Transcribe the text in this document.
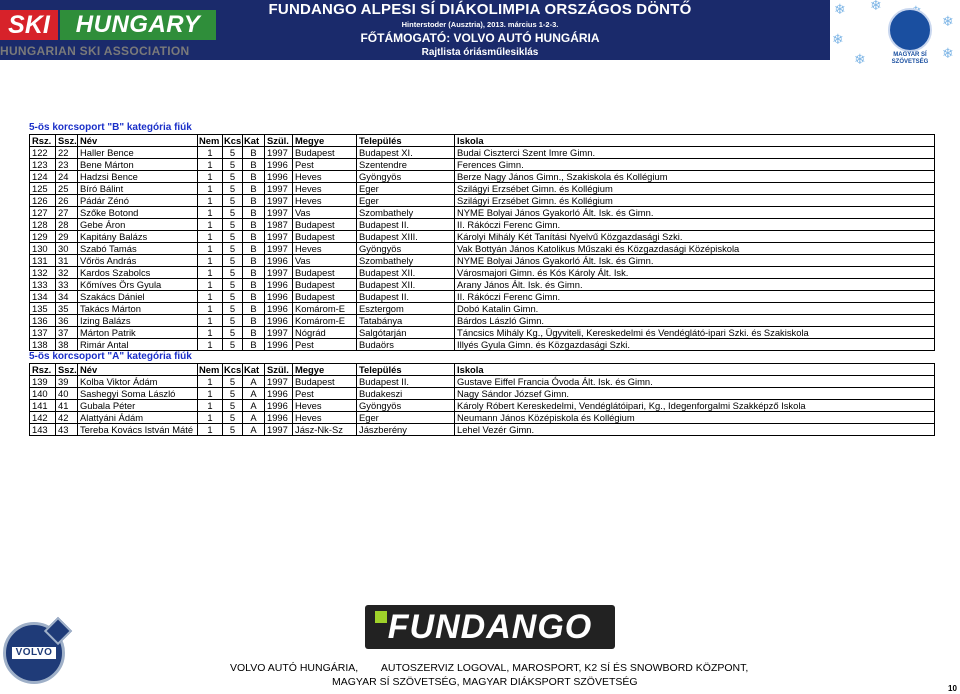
SKI	HUNGARY
HUNGARIAN SKI ASSOCIATION
FUNDANGO ALPESI SÍ DIÁKOLIMPIA ORSZÁGOS DÖNTŐ
Hinterstoder (Ausztria), 2013. március 1-2-3.
FŐTÁMOGATÓ: VOLVO AUTÓ HUNGÁRIA
Rajtlista óriásműlesiklás
❄ ❄
❄
❄
❄	❄
MAGYAR SÍ
SZÖVETSÉG
5-ös korcsoport "B" kategória fiúk
Rsz. Ssz. Név	Nem Kcs Kat Szül. Megye	Település	Iskola
122	22	Haller Bence	1	5	B	1997 Budapest	Budapest XI.	Budai Ciszterci Szent Imre Gimn.
123	23	Bene Márton	1	5	B	1996 Pest	Szentendre	Ferences Gimn.
124	24	Hadzsi Bence	1	5	B	1996 Heves	Gyöngyös	Berze Nagy János Gimn., Szakiskola és Kollégium
125	25	Bíró Bálint	1	5	B	1997 Heves	Eger	Szilágyi Erzsébet Gimn. és Kollégium
126	26	Pádár Zénó	1	5	B	1997 Heves	Eger	Szilágyi Erzsébet Gimn. és Kollégium
127	27	Szőke Botond	1	5	B	1997 Vas	Szombathely	NYME Bolyai János Gyakorló Ált. Isk. és Gimn.
128	28	Gebe Áron	1	5	B	1987 Budapest	Budapest II.	II. Rákóczi Ferenc Gimn.
129	29	Kapitány Balázs	1	5	B	1997 Budapest	Budapest XIII.	Károlyi Mihály Két Tanítási Nyelvű Közgazdasági Szki.
130	30	Szabó Tamás	1	5	B	1997 Heves	Gyöngyös	Vak Bottyán János Katolikus Műszaki és Közgazdasági Középiskola
131	31	Vőrös András	1	5	B	1996 Vas	Szombathely	NYME Bolyai János Gyakorló Ált. Isk. és Gimn.
132	32	Kardos Szabolcs	1	5	B	1997 Budapest	Budapest XII.	Városmajori Gimn. és Kós Károly Ált. Isk.
133	33	Kőmíves Örs Gyula	1	5	B	1996 Budapest	Budapest XII.	Arany János Ált. Isk. és Gimn.
134	34	Szakács Dániel	1	5	B	1996 Budapest	Budapest II.	II. Rákóczi Ferenc Gimn.
135	35	Takács Márton	1	5	B	1996 Komárom-E	Esztergom	Dobó Katalin Gimn.
136	36	Izing Balázs	1	5	B	1996 Komárom-E	Tatabánya	Bárdos László Gimn.
137	37	Márton Patrik	1	5	B	1997 Nógrád	Salgótarján	Táncsics Mihály Kg., Ügyviteli, Kereskedelmi és Vendéglátó-ipari Szki. és Szakiskola
138	38	Rimár Antal	1	5	B	1996 Pest	Budaörs	Illyés Gyula Gimn. és Közgazdasági Szki.
5-ös korcsoport "A" kategória fiúk
Rsz. Ssz. Név	Nem Kcs Kat Szül. Megye	Település	Iskola
139	39	Kolba Viktor Ádám	1	5	A	1997 Budapest	Budapest II.	Gustave Eiffel Francia Óvoda Ált. Isk. és Gimn.
140	40	Sashegyi Soma László	1	5	A	1996 Pest	Budakeszi	Nagy Sándor József Gimn.
141	41	Gubala Péter	1	5	A	1996 Heves	Gyöngyös	Károly Róbert Kereskedelmi, Vendéglátóipari, Kg., Idegenforgalmi Szakképző Iskola
142	42	Alattyáni Ádám	1	5	A	1996 Heves	Eger	Neumann János Középiskola és Kollégium
143	43	Tereba Kovács István Máté	1	5	A	1997 Jász-Nk-Sz	Jászberény	Lehel Vezér Gimn.
VOLVO
FUNDANGO
VOLVO AUTÓ HUNGÁRIA,        AUTOSZERVIZ LOGOVAL, MAROSPORT, K2 SÍ ÉS SNOWBORD KÖZPONT,
MAGYAR SÍ SZÖVETSÉG, MAGYAR DIÁKSPORT SZÖVETSÉG
10
